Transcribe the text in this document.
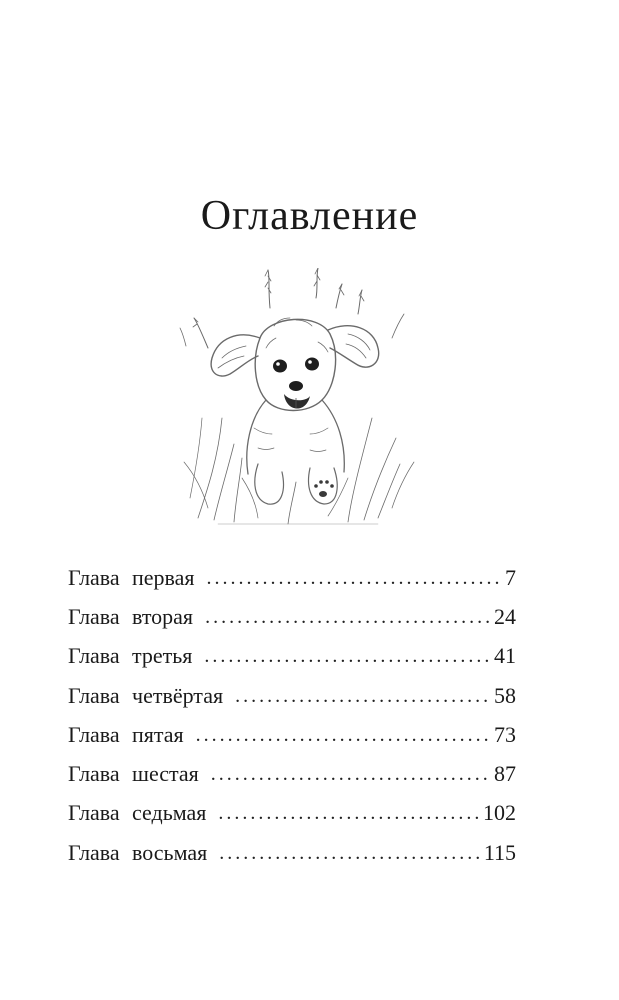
Оглавление
Глава первая .....	7
Глава вторая .....	24
Глава третья .....	41
Глава четвёртая .....	58
Глава пятая .....	73
Глава шестая .....	87
Глава седьмая .....	102
Глава восьмая .....	115
